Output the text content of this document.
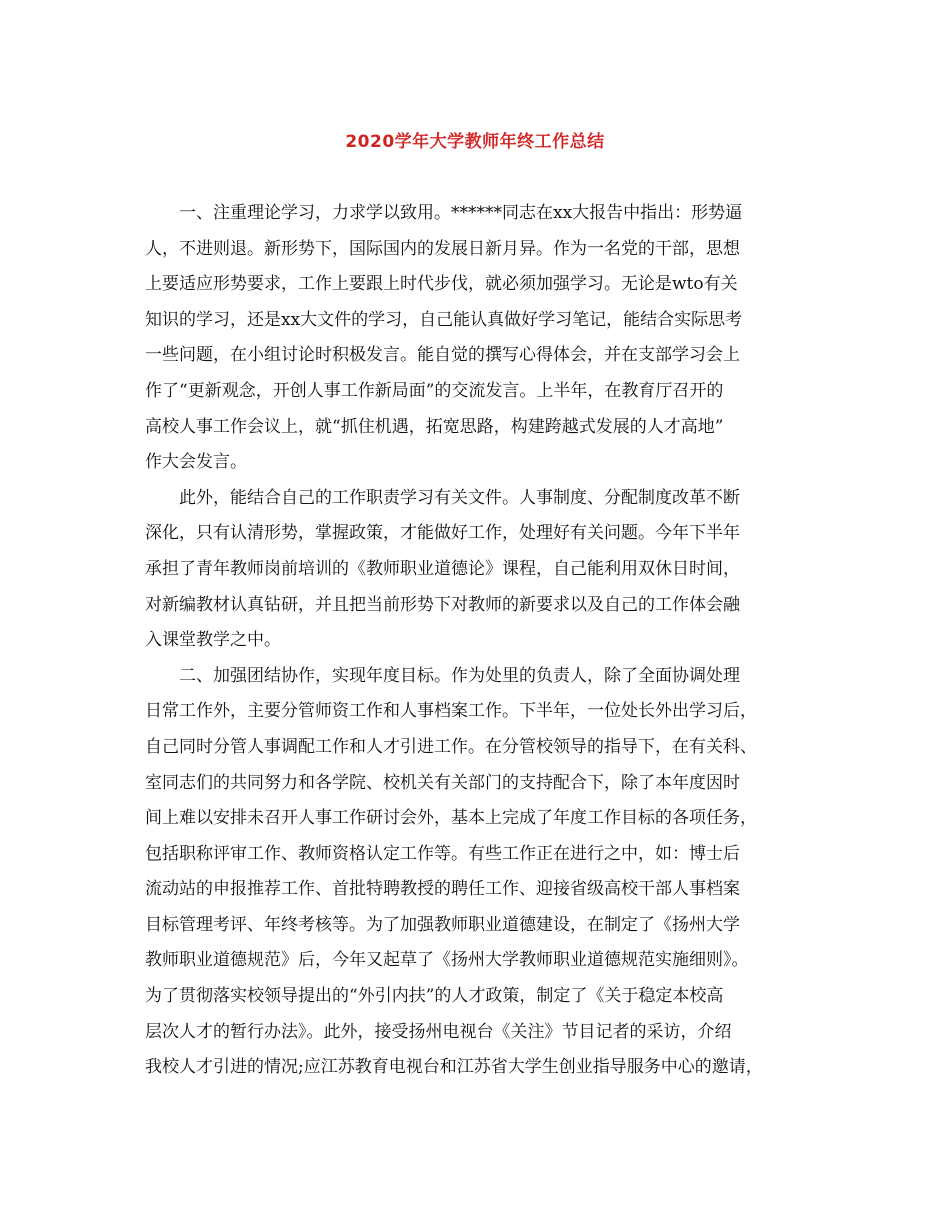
2020学年大学教师年终工作总结
一、注重理论学习，力求学以致用。******同志在xx大报告中指出：形势逼
人，不进则退。新形势下，国际国内的发展日新月异。作为一名党的干部，思想
上要适应形势要求，工作上要跟上时代步伐，就必须加强学习。无论是wto有关
知识的学习，还是xx大文件的学习，自己能认真做好学习笔记，能结合实际思考
一些问题，在小组讨论时积极发言。能自觉的撰写心得体会，并在支部学习会上
作了“更新观念，开创人事工作新局面”的交流发言。上半年，在教育厅召开的
高校人事工作会议上，就“抓住机遇，拓宽思路，构建跨越式发展的人才高地”
作大会发言。
此外，能结合自己的工作职责学习有关文件。人事制度、分配制度改革不断
深化，只有认清形势，掌握政策，才能做好工作，处理好有关问题。今年下半年
承担了青年教师岗前培训的《教师职业道德论》课程，自己能利用双休日时间，
对新编教材认真钻研，并且把当前形势下对教师的新要求以及自己的工作体会融
入课堂教学之中。
二、加强团结协作，实现年度目标。作为处里的负责人，除了全面协调处理
日常工作外，主要分管师资工作和人事档案工作。下半年，一位处长外出学习后，
自己同时分管人事调配工作和人才引进工作。在分管校领导的指导下，在有关科、
室同志们的共同努力和各学院、校机关有关部门的支持配合下，除了本年度因时
间上难以安排未召开人事工作研讨会外，基本上完成了年度工作目标的各项任务，
包括职称评审工作、教师资格认定工作等。有些工作正在进行之中，如：博士后
流动站的申报推荐工作、首批特聘教授的聘任工作、迎接省级高校干部人事档案
目标管理考评、年终考核等。为了加强教师职业道德建设，在制定了《扬州大学
教师职业道德规范》后，今年又起草了《扬州大学教师职业道德规范实施细则》。
为了贯彻落实校领导提出的“外引内扶”的人才政策，制定了《关于稳定本校高
层次人才的暂行办法》。此外，接受扬州电视台《关注》节目记者的采访，介绍
我校人才引进的情况;应江苏教育电视台和江苏省大学生创业指导服务中心的邀请，
